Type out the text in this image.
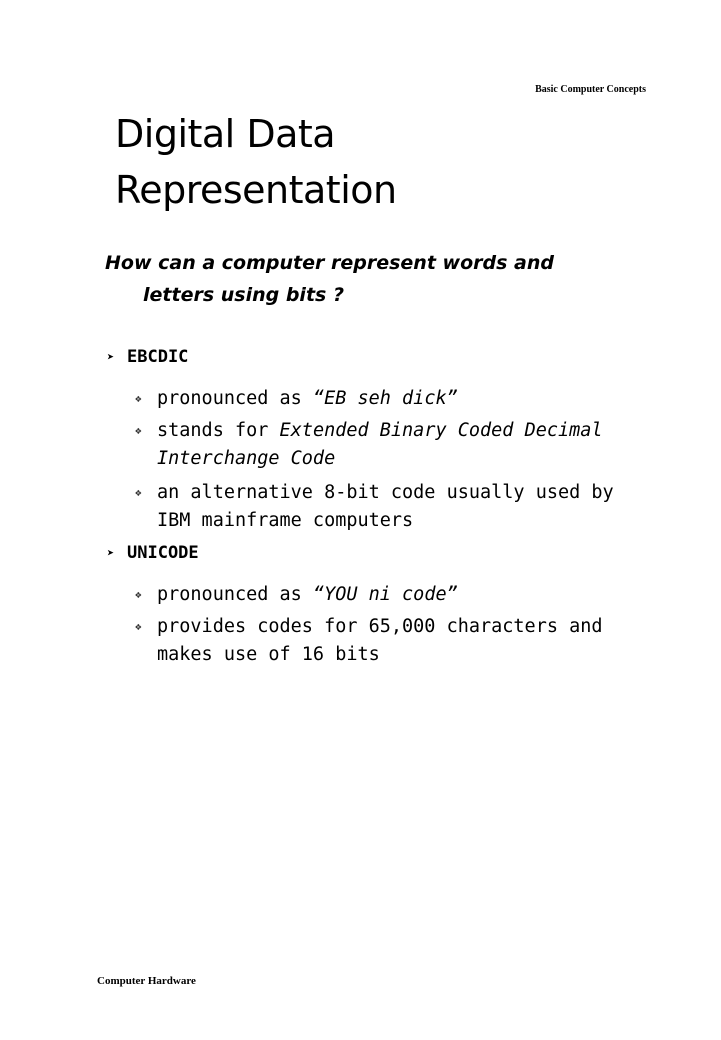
Basic Computer Concepts
Digital Data
Representation

How can a computer represent words and letters using bits ?

➤ EBCDIC
❖ pronounced as “EB seh dick”
❖ stands for Extended Binary Coded Decimal Interchange Code
❖ an alternative 8-bit code usually used by IBM mainframe computers
➤ UNICODE
❖ pronounced as “YOU ni code”
❖ provides codes for 65,000 characters and makes use of 16 bits
Computer Hardware
